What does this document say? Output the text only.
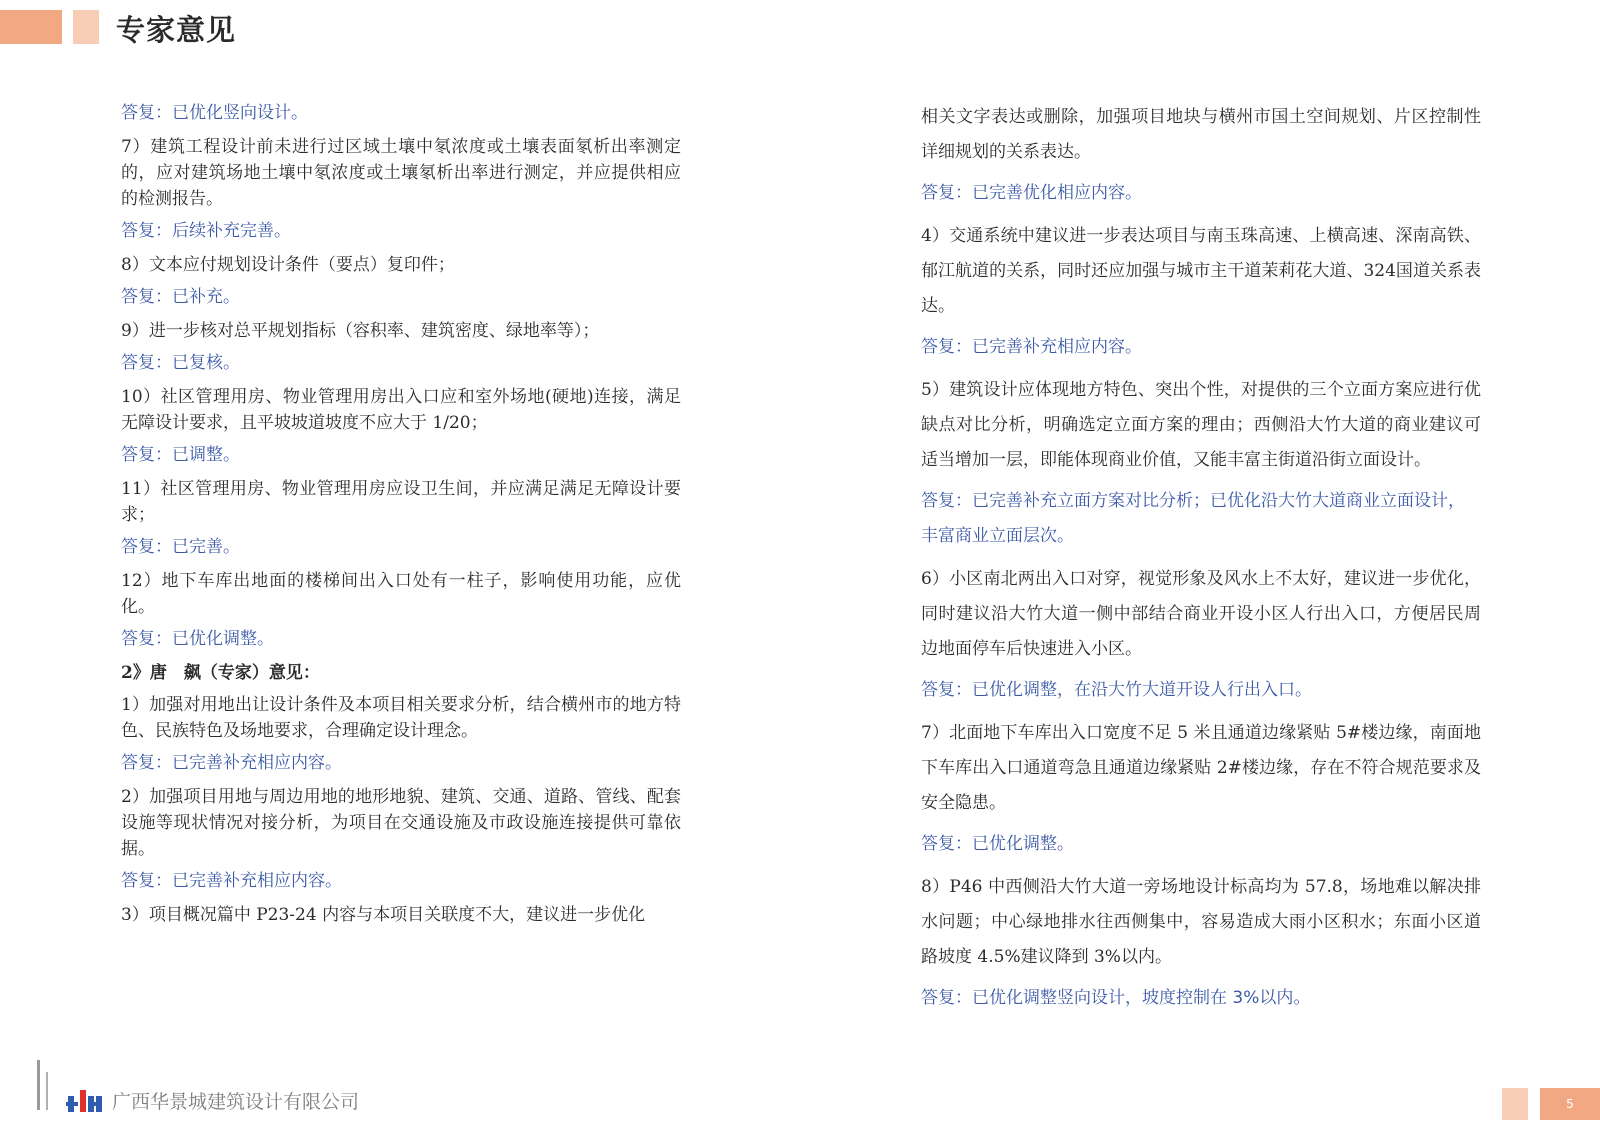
专家意见
答复：已优化竖向设计。
7）建筑工程设计前未进行过区域土壤中氡浓度或土壤表面氡析出率测定的，应对建筑场地土壤中氡浓度或土壤氡析出率进行测定，并应提供相应的检测报告。
答复：后续补充完善。
8）文本应付规划设计条件（要点）复印件；
答复：已补充。
9）进一步核对总平规划指标（容积率、建筑密度、绿地率等）；
答复：已复核。
10）社区管理用房、物业管理用房出入口应和室外场地(硬地)连接，满足无障设计要求，且平坡坡道坡度不应大于 1/20；
答复：已调整。
11）社区管理用房、物业管理用房应设卫生间，并应满足满足无障设计要求；
答复：已完善。
12）地下车库出地面的楼梯间出入口处有一柱子，影响使用功能，应优化。
答复：已优化调整。
2》唐　飙（专家）意见：
1）加强对用地出让设计条件及本项目相关要求分析，结合横州市的地方特色、民族特色及场地要求，合理确定设计理念。
答复：已完善补充相应内容。
2）加强项目用地与周边用地的地形地貌、建筑、交通、道路、管线、配套设施等现状情况对接分析，为项目在交通设施及市政设施连接提供可靠依据。
答复：已完善补充相应内容。
3）项目概况篇中 P23-24 内容与本项目关联度不大，建议进一步优化
相关文字表达或删除，加强项目地块与横州市国土空间规划、片区控制性详细规划的关系表达。
答复：已完善优化相应内容。
4）交通系统中建议进一步表达项目与南玉珠高速、上横高速、深南高铁、郁江航道的关系，同时还应加强与城市主干道茉莉花大道、324国道关系表达。
答复：已完善补充相应内容。
5）建筑设计应体现地方特色、突出个性，对提供的三个立面方案应进行优缺点对比分析，明确选定立面方案的理由；西侧沿大竹大道的商业建议可适当增加一层，即能体现商业价值，又能丰富主街道沿街立面设计。
答复：已完善补充立面方案对比分析；已优化沿大竹大道商业立面设计，丰富商业立面层次。
6）小区南北两出入口对穿，视觉形象及风水上不太好，建议进一步优化，同时建议沿大竹大道一侧中部结合商业开设小区人行出入口，方便居民周边地面停车后快速进入小区。
答复：已优化调整，在沿大竹大道开设人行出入口。
7）北面地下车库出入口宽度不足 5 米且通道边缘紧贴 5#楼边缘，南面地下车库出入口通道弯急且通道边缘紧贴 2#楼边缘，存在不符合规范要求及安全隐患。
答复：已优化调整。
8）P46 中西侧沿大竹大道一旁场地设计标高均为 57.8，场地难以解决排水问题；中心绿地排水往西侧集中，容易造成大雨小区积水；东面小区道路坡度 4.5%建议降到 3%以内。
答复：已优化调整竖向设计，坡度控制在 3%以内。
广西华景城建筑设计有限公司	5
